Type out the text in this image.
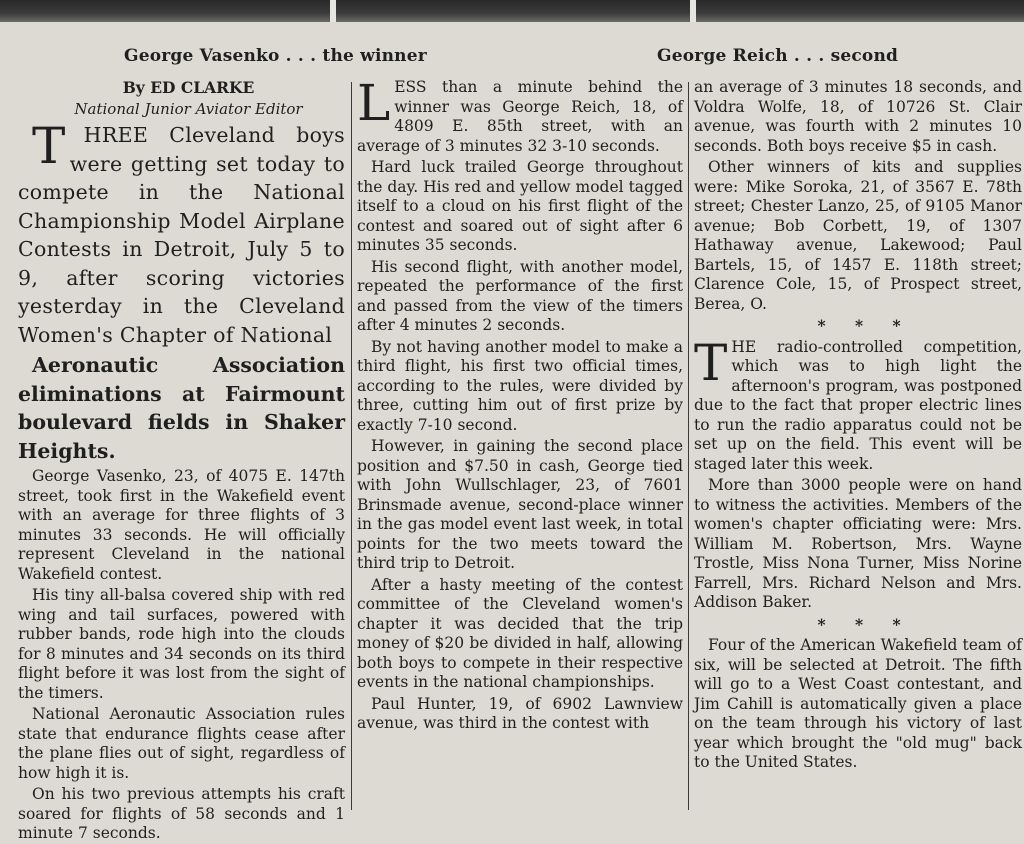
George Vasenko . . . the winner	George Reich . . . second

By ED CLARKE

National Junior Aviator Editor

THREE Cleveland boys were getting set today to compete in the National Championship Model Airplane Contests in Detroit, July 5 to 9, after scoring victories yesterday in the Cleveland Women's Chapter of National

Aeronautic Association eliminations at Fairmount boulevard fields in Shaker Heights.

George Vasenko, 23, of 4075 E. 147th street, took first in the Wakefield event with an average for three flights of 3 minutes 33 seconds. He will officially represent Cleveland in the national Wakefield contest.

His tiny all-balsa covered ship with red wing and tail surfaces, powered with rubber bands, rode high into the clouds for 8 minutes and 34 seconds on its third flight before it was lost from the sight of the timers.

National Aeronautic Association rules state that endurance flights cease after the plane flies out of sight, regardless of how high it is.

On his two previous attempts his craft soared for flights of 58 seconds and 1 minute 7 seconds.

LESS than a minute behind the winner was George Reich, 18, of 4809 E. 85th street, with an average of 3 minutes 32 3-10 seconds.

Hard luck trailed George throughout the day. His red and yellow model tagged itself to a cloud on his first flight of the contest and soared out of sight after 6 minutes 35 seconds.

His second flight, with another model, repeated the performance of the first and passed from the view of the timers after 4 minutes 2 seconds.

By not having another model to make a third flight, his first two official times, according to the rules, were divided by three, cutting him out of first prize by exactly 7-10 second.

However, in gaining the second place position and $7.50 in cash, George tied with John Wullschlager, 23, of 7601 Brinsmade avenue, second-place winner in the gas model event last week, in total points for the two meets toward the third trip to Detroit.

After a hasty meeting of the contest committee of the Cleveland women's chapter it was decided that the trip money of $20 be divided in half, allowing both boys to compete in their respective events in the national championships.

Paul Hunter, 19, of 6902 Lawnview avenue, was third in the contest with

an average of 3 minutes 18 seconds, and Voldra Wolfe, 18, of 10726 St. Clair avenue, was fourth with 2 minutes 10 seconds. Both boys receive $5 in cash.

Other winners of kits and supplies were: Mike Soroka, 21, of 3567 E. 78th street; Chester Lanzo, 25, of 9105 Manor avenue; Bob Corbett, 19, of 1307 Hathaway avenue, Lakewood; Paul Bartels, 15, of 1457 E. 118th street; Clarence Cole, 15, of Prospect street, Berea, O.

* * *

THE radio-controlled competition, which was to high light the afternoon's program, was postponed due to the fact that proper electric lines to run the radio apparatus could not be set up on the field. This event will be staged later this week.

More than 3000 people were on hand to witness the activities. Members of the women's chapter officiating were: Mrs. William M. Robertson, Mrs. Wayne Trostle, Miss Nona Turner, Miss Norine Farrell, Mrs. Richard Nelson and Mrs. Addison Baker.

* * *

Four of the American Wakefield team of six, will be selected at Detroit. The fifth will go to a West Coast contestant, and Jim Cahill is automatically given a place on the team through his victory of last year which brought the "old mug" back to the United States.
